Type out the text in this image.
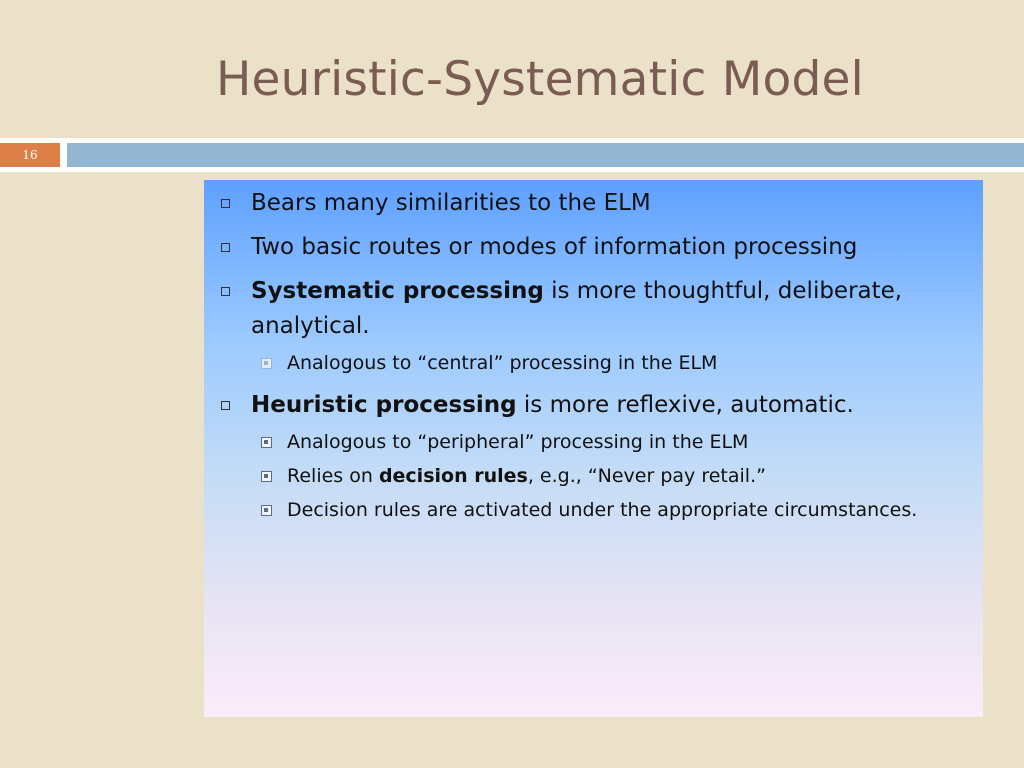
Heuristic-Systematic Model
16
Bears many similarities to the ELM
Two basic routes or modes of information processing
Systematic processing is more thoughtful, deliberate, analytical.
Analogous to “central” processing in the ELM
Heuristic processing is more reflexive, automatic.
Analogous to “peripheral” processing in the ELM
Relies on decision rules, e.g., “Never pay retail.”
Decision rules are activated under the appropriate circumstances.
